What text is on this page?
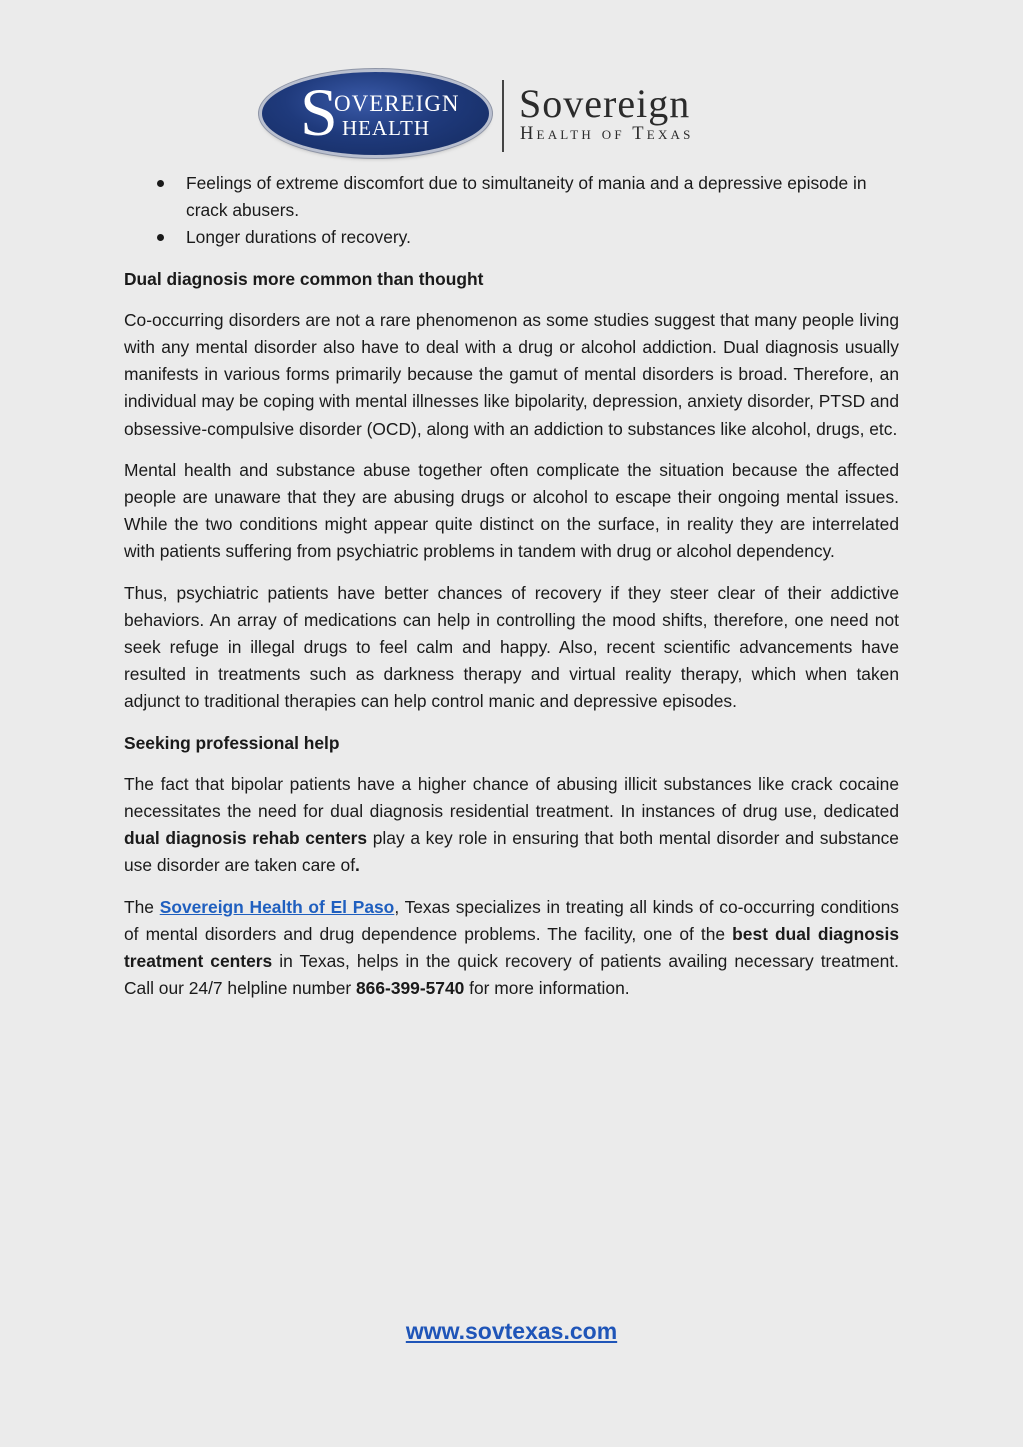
S
OVEREIGN
HEALTH
Sovereign
Health of Texas
Feelings of extreme discomfort due to simultaneity of mania and a depressive episode in crack abusers.
Longer durations of recovery.
Dual diagnosis more common than thought

Co-occurring disorders are not a rare phenomenon as some studies suggest that many people living with any mental disorder also have to deal with a drug or alcohol addiction. Dual diagnosis usually manifests in various forms primarily because the gamut of mental disorders is broad. Therefore, an individual may be coping with mental illnesses like bipolarity, depression, anxiety disorder, PTSD and obsessive-compulsive disorder (OCD), along with an addiction to substances like alcohol, drugs, etc.

Mental health and substance abuse together often complicate the situation because the affected people are unaware that they are abusing drugs or alcohol to escape their ongoing mental issues. While the two conditions might appear quite distinct on the surface, in reality they are interrelated with patients suffering from psychiatric problems in tandem with drug or alcohol dependency.

Thus, psychiatric patients have better chances of recovery if they steer clear of their addictive behaviors. An array of medications can help in controlling the mood shifts, therefore, one need not seek refuge in illegal drugs to feel calm and happy. Also, recent scientific advancements have resulted in treatments such as darkness therapy and virtual reality therapy, which when taken adjunct to traditional therapies can help control manic and depressive episodes.

Seeking professional help

The fact that bipolar patients have a higher chance of abusing illicit substances like crack cocaine necessitates the need for dual diagnosis residential treatment. In instances of drug use, dedicated dual diagnosis rehab centers play a key role in ensuring that both mental disorder and substance use disorder are taken care of.

The Sovereign Health of El Paso, Texas specializes in treating all kinds of co-occurring conditions of mental disorders and drug dependence problems. The facility, one of the best dual diagnosis treatment centers in Texas, helps in the quick recovery of patients availing necessary treatment. Call our 24/7 helpline number 866-399-5740 for more information.

www.sovtexas.com
